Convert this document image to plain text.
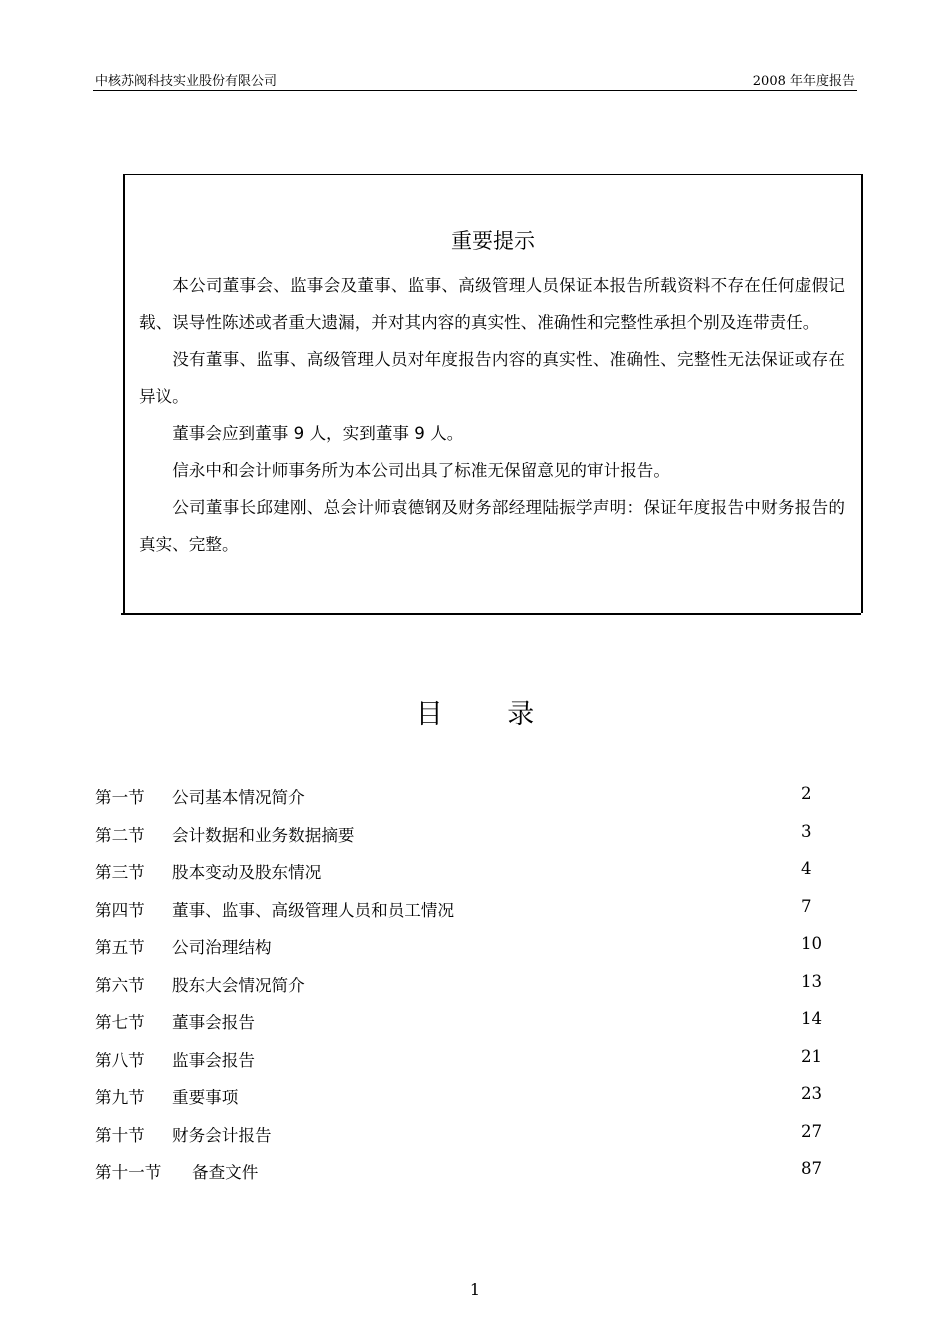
中核苏阀科技实业股份有限公司	2008 年年度报告
重要提示

本公司董事会、监事会及董事、监事、高级管理人员保证本报告所载资料不存在任何虚假记载、误导性陈述或者重大遗漏，并对其内容的真实性、准确性和完整性承担个别及连带责任。

没有董事、监事、高级管理人员对年度报告内容的真实性、准确性、完整性无法保证或存在异议。

董事会应到董事 9 人，实到董事 9 人。

信永中和会计师事务所为本公司出具了标准无保留意见的审计报告。

公司董事长邱建刚、总会计师袁德钢及财务部经理陆振学声明：保证年度报告中财务报告的真实、完整。

目 录
第一节 公司基本情况简介	2
第二节 会计数据和业务数据摘要	3
第三节 股本变动及股东情况	4
第四节 董事、监事、高级管理人员和员工情况	7
第五节 公司治理结构	10
第六节 股东大会情况简介	13
第七节 董事会报告	14
第八节 监事会报告	21
第九节 重要事项	23
第十节 财务会计报告	27
第十一节 备查文件	87
1
